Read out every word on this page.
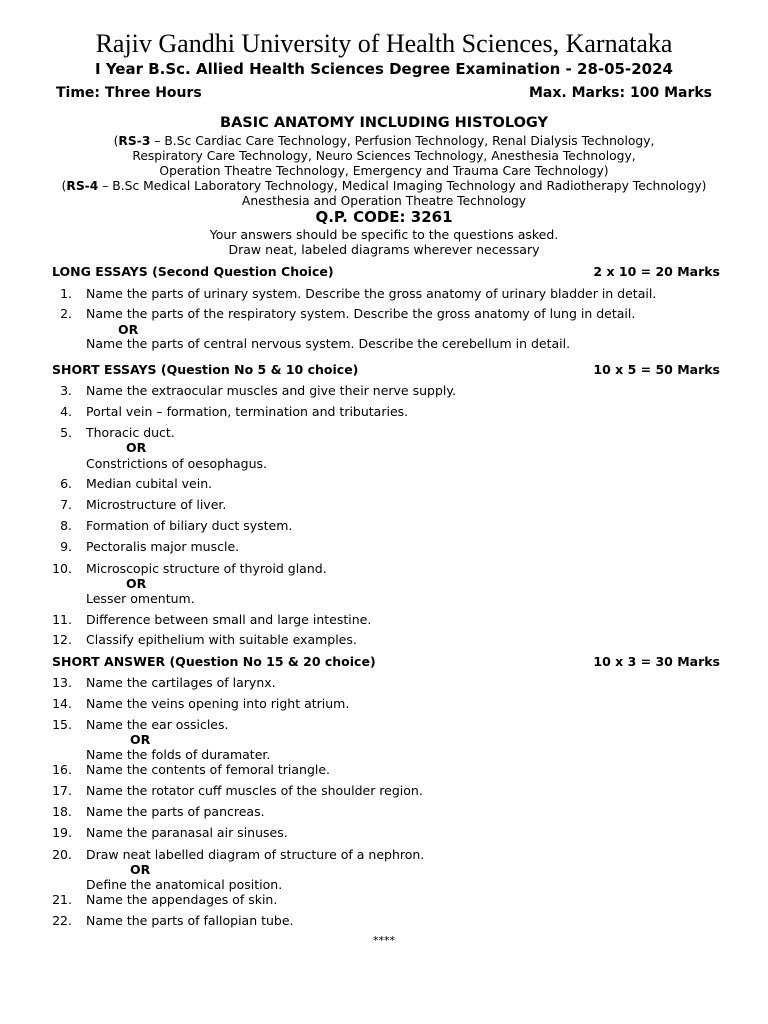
Rajiv Gandhi University of Health Sciences, Karnataka
I Year B.Sc. Allied Health Sciences Degree Examination - 28-05-2024
Time: Three Hours	Max. Marks: 100 Marks
BASIC ANATOMY INCLUDING HISTOLOGY
(RS-3 – B.Sc Cardiac Care Technology, Perfusion Technology, Renal Dialysis Technology,
Respiratory Care Technology, Neuro Sciences Technology, Anesthesia Technology,
Operation Theatre Technology, Emergency and Trauma Care Technology)
(RS-4 – B.Sc Medical Laboratory Technology, Medical Imaging Technology and Radiotherapy Technology)
Anesthesia and Operation Theatre Technology
Q.P. CODE: 3261
Your answers should be specific to the questions asked.
Draw neat, labeled diagrams wherever necessary
LONG ESSAYS (Second Question Choice)	2 x 10 = 20 Marks
1. Name the parts of urinary system. Describe the gross anatomy of urinary bladder in detail.
2. Name the parts of the respiratory system. Describe the gross anatomy of lung in detail.
OR
Name the parts of central nervous system. Describe the cerebellum in detail.
SHORT ESSAYS (Question No 5 & 10 choice)	10 x 5 = 50 Marks
3. Name the extraocular muscles and give their nerve supply.
4. Portal vein – formation, termination and tributaries.
5. Thoracic duct.
OR
Constrictions of oesophagus.
6. Median cubital vein.
7. Microstructure of liver.
8. Formation of biliary duct system.
9. Pectoralis major muscle.
10. Microscopic structure of thyroid gland.
OR
Lesser omentum.
11. Difference between small and large intestine.
12. Classify epithelium with suitable examples.
SHORT ANSWER (Question No 15 & 20 choice)	10 x 3 = 30 Marks
13. Name the cartilages of larynx.
14. Name the veins opening into right atrium.
15. Name the ear ossicles.
OR
Name the folds of duramater.
16. Name the contents of femoral triangle.
17. Name the rotator cuff muscles of the shoulder region.
18. Name the parts of pancreas.
19. Name the paranasal air sinuses.
20. Draw neat labelled diagram of structure of a nephron.
OR
Define the anatomical position.
21. Name the appendages of skin.
22. Name the parts of fallopian tube.
****
